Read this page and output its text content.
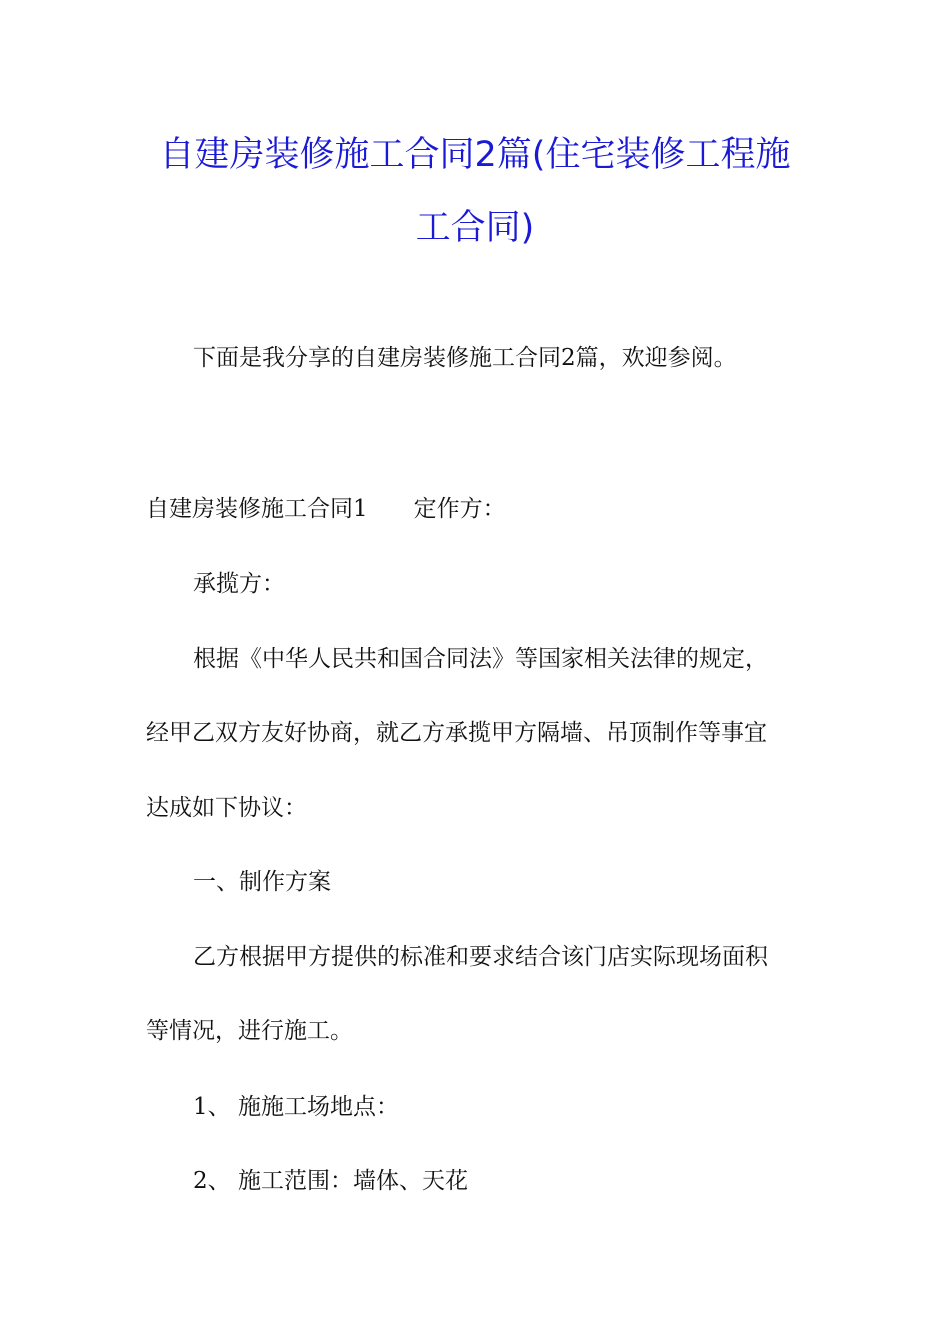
自建房装修施工合同2篇(住宅装修工程施
工合同)
下面是我分享的自建房装修施工合同2篇，欢迎参阅。
自建房装修施工合同1 定作方：
承揽方：
根据《中华人民共和国合同法》等国家相关法律的规定，
经甲乙双方友好协商，就乙方承揽甲方隔墙、吊顶制作等事宜
达成如下协议：
一、制作方案
乙方根据甲方提供的标准和要求结合该门店实际现场面积
等情况，进行施工。
1、 施施工场地点：
2、 施工范围：墙体、天花
